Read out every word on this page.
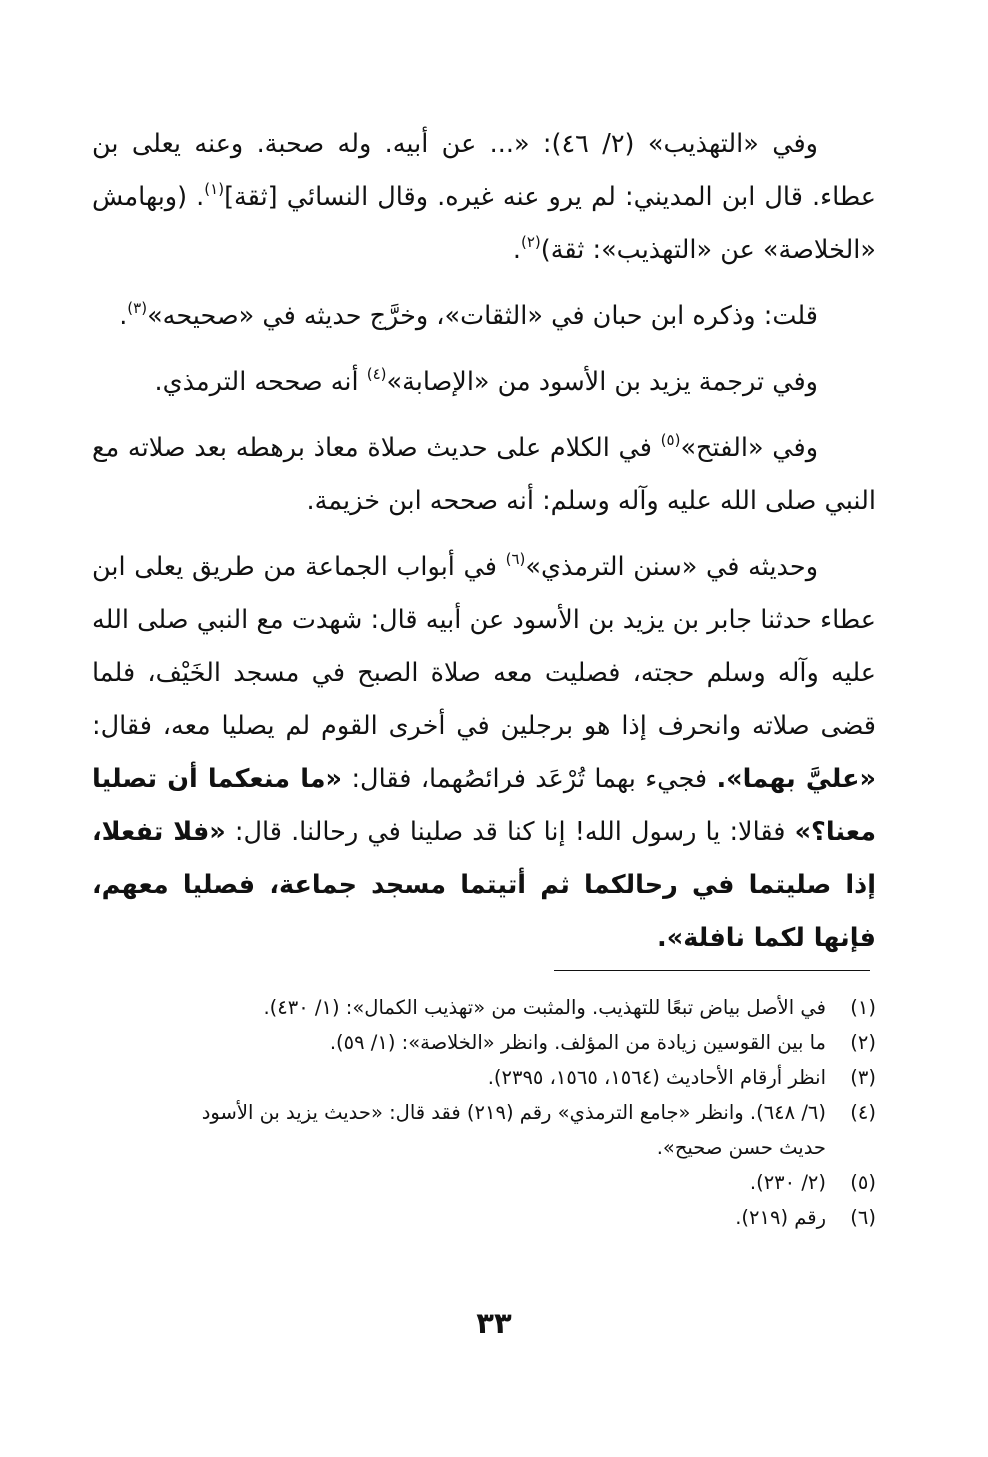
وفي «التهذيب» (٢/ ٤٦): «... عن أبيه. وله صحبة. وعنه يعلى بن عطاء. قال ابن المديني: لم يرو عنه غيره. وقال النسائي [ثقة]$^{(١)}$. (وبهامش «الخلاصة» عن «التهذيب»: ثقة)$^{(٢)}$.

قلت: وذكره ابن حبان في «الثقات»، وخرَّج حديثه في «صحيحه»$^{(٣)}$.

وفي ترجمة يزيد بن الأسود من «الإصابة»$^{(٤)}$ أنه صححه الترمذي.

وفي «الفتح»$^{(٥)}$ في الكلام على حديث صلاة معاذ برهطه بعد صلاته مع النبي صلى الله عليه وآله وسلم: أنه صححه ابن خزيمة.

وحديثه في «سنن الترمذي»$^{(٦)}$ في أبواب الجماعة من طريق يعلى ابن عطاء حدثنا جابر بن يزيد بن الأسود عن أبيه قال: شهدت مع النبي صلى الله عليه وآله وسلم حجته، فصليت معه صلاة الصبح في مسجد الخَيْف، فلما قضى صلاته وانحرف إذا هو برجلين في أخرى القوم لم يصليا معه، فقال: «عليَّ بهما». فجيء بهما تُرْعَد فرائصُهما، فقال: «ما منعكما أن تصليا معنا؟» فقالا: يا رسول الله! إنا كنا قد صلينا في رحالنا. قال: «فلا تفعلا، إذا صليتما في رحالكما ثم أتيتما مسجد جماعة، فصليا معهم، فإنها لكما نافلة».

(١)
في الأصل بياض تبعًا للتهذيب. والمثبت من «تهذيب الكمال»: (١/ ٤٣٠).
(٢)
ما بين القوسين زيادة من المؤلف. وانظر «الخلاصة»: (١/ ٥٩).
(٣)
انظر أرقام الأحاديث (١٥٦٤، ١٥٦٥، ٢٣٩٥).
(٤)
(٦/ ٦٤٨). وانظر «جامع الترمذي» رقم (٢١٩) فقد قال: «حديث يزيد بن الأسود
حديث حسن صحيح».
(٥)
(٢/ ٢٣٠).
(٦)
رقم (٢١٩).
٣٣
